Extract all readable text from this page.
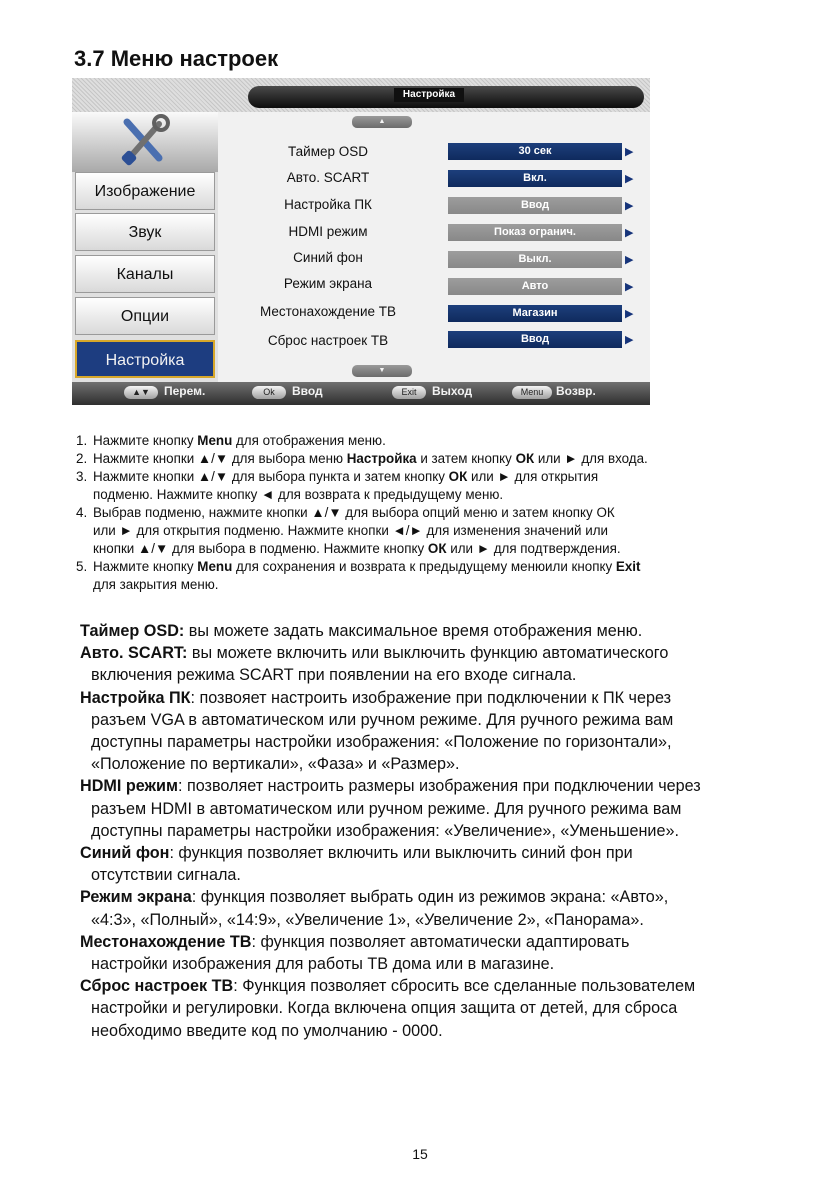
3.7 Меню настроек
Настройка
Изображение
Звук
Каналы
Опции
Настройка
▲
Таймер OSD	30 сек	▶
Авто. SCART	Вкл.	▶
Настройка ПК	Ввод	▶
HDMI режим	Показ огранич.	▶
Синий фон	Выкл.	▶
Режим экрана	Авто	▶
Местонахождение ТВ	Магазин	▶
Сброс настроек ТВ	Ввод	▶
▼
▲▼	Перем.	Ok	Ввод	Exit	Выход	Menu	Возвр.
1. Нажмите кнопку Menu для отображения меню.
2. Нажмите кнопки ▲/▼ для выбора меню Настройка и затем кнопку ОК или ► для входа.
3. Нажмите кнопки ▲/▼ для выбора пункта и затем кнопку ОК или ► для открытия
подменю. Нажмите кнопку ◄ для возврата к предыдущему меню.
4. Выбрав подменю, нажмите кнопки ▲/▼ для выбора опций меню и затем кнопку ОК
или ► для открытия подменю. Нажмите кнопки ◄/► для изменения значений или
кнопки ▲/▼ для выбора в подменю. Нажмите кнопку ОК или ► для подтверждения.
5. Нажмите кнопку Menu для сохранения и возврата к предыдущему менюили кнопку Exit
для закрытия меню.
Таймер OSD: вы можете задать максимальное время отображения меню.
Авто. SCART: вы можете включить или выключить функцию автоматического
включения режима SCART при появлении на его входе сигнала.
Настройка ПК: позвояет настроить изображение при подключении к ПК через
разъем VGA в автоматическом или ручном режиме. Для ручного режима вам
доступны параметры настройки изображения: «Положение по горизонтали»,
«Положение по вертикали», «Фаза» и «Размер».
HDMI режим: позволяет настроить размеры изображения при подключении через
разъем HDMI в автоматическом или ручном режиме. Для ручного режима вам
доступны параметры настройки изображения: «Увеличение», «Уменьшение».
Синий фон: функция позволяет включить или выключить синий фон при
отсутствии сигнала.
Режим экрана: функция позволяет выбрать один из режимов экрана: «Авто»,
«4:3», «Полный», «14:9», «Увеличение 1», «Увеличение 2», «Панорама».
Местонахождение ТВ: функция позволяет автоматически адаптировать
настройки изображения для работы ТВ дома или в магазине.
Сброс настроек ТВ: Функция позволяет сбросить все сделанные пользователем
настройки и регулировки. Когда включена опция защита от детей, для сброса
необходимо введите код по умолчанию - 0000.
15
